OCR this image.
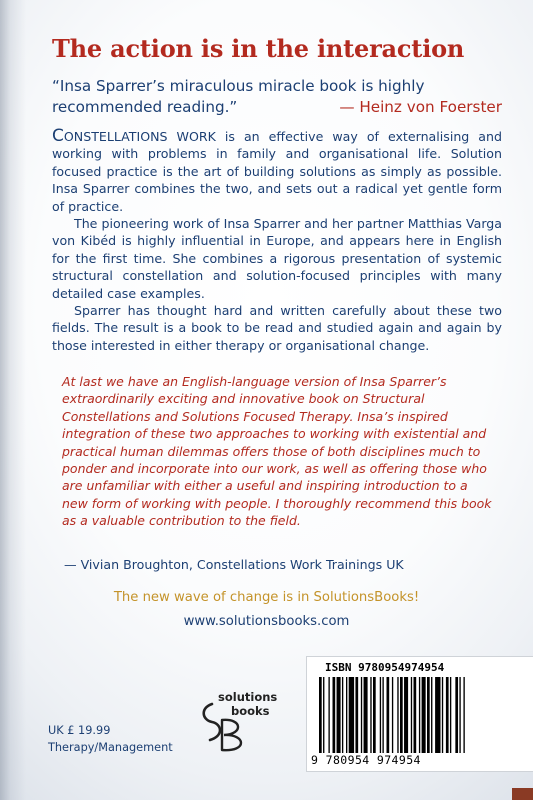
The action is in the interaction
“Insa Sparrer’s miraculous miracle book is highly recommended reading.”	— Heinz von Foerster

CONSTELLATIONS WORK is an effective way of externalising and working with problems in family and organisational life. Solution focused practice is the art of building solutions as simply as possible. Insa Sparrer combines the two, and sets out a radical yet gentle form of practice.

The pioneering work of Insa Sparrer and her partner Matthias Varga von Kibéd is highly influential in Europe, and appears here in English for the first time. She combines a rigorous presentation of systemic structural constellation and solution-focused principles with many detailed case examples.

Sparrer has thought hard and written carefully about these two fields. The result is a book to be read and studied again and again by those interested in either therapy or organisational change.

At last we have an English-language version of Insa Sparrer’s extraordinarily exciting and innovative book on Structural Constellations and Solutions Focused Therapy. Insa’s inspired integration of these two approaches to working with existential and practical human dilemmas offers those of both disciplines much to ponder and incorporate into our work, as well as offering those who are unfamiliar with either a useful and inspiring introduction to a new form of working with people. I thoroughly recommend this book as a valuable contribution to the field.
— Vivian Broughton, Constellations Work Trainings UK
The new wave of change is in SolutionsBooks!
www.solutionsbooks.com
solutions
books
UK £ 19.99
Therapy/Management
ISBN 9780954974954
9 780954 974954
